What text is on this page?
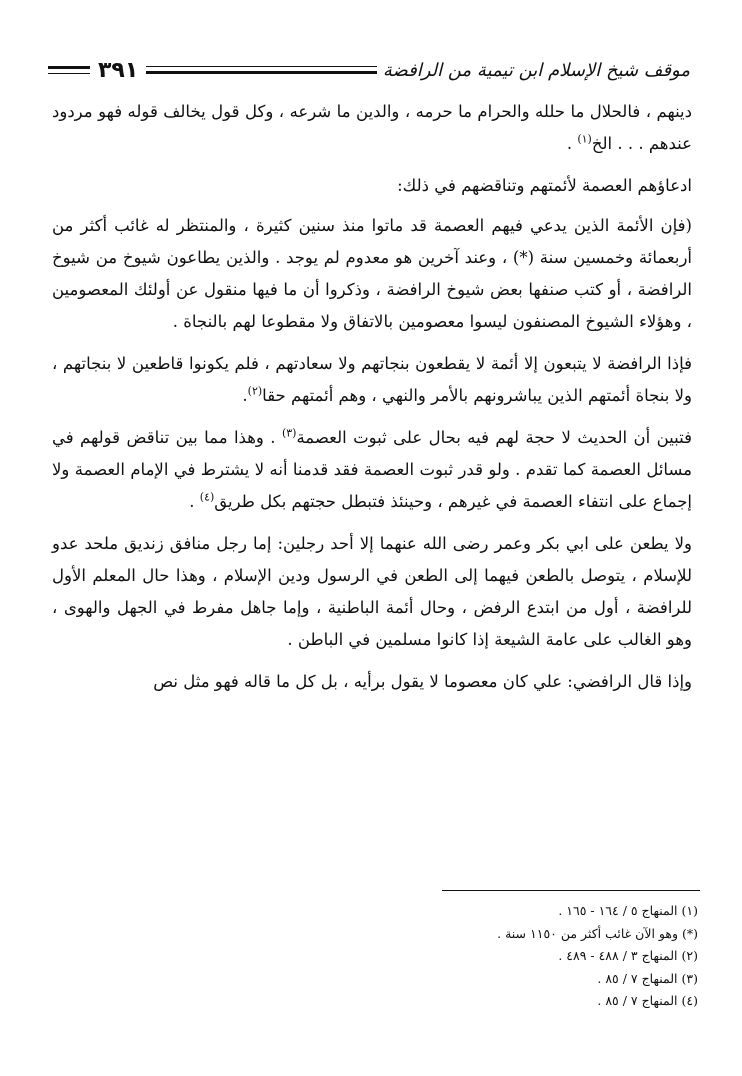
٣٩١	موقف شيخ الإسلام ابن تيمية من الرافضة

دينهم ، فالحلال ما حلله والحرام ما حرمه ، والدين ما شرعه ، وكل قول يخالف قوله فهو مردود عندهم . . . الخ$^{(١)}$ .

ادعاؤهم العصمة لأئمتهم وتناقضهم في ذلك:

(فإن الأئمة الذين يدعي فيهم العصمة قد ماتوا منذ سنين كثيرة ، والمنتظر له غائب أكثر من أربعمائة وخمسين سنة (*) ، وعند آخرين هو معدوم لم يوجد . والذين يطاعون شيوخ من شيوخ الرافضة ، أو كتب صنفها بعض شيوخ الرافضة ، وذكروا أن ما فيها منقول عن أولئك المعصومين ، وهؤلاء الشيوخ المصنفون ليسوا معصومين بالاتفاق ولا مقطوعا لهم بالنجاة .

فإذا الرافضة لا يتبعون إلا أئمة لا يقطعون بنجاتهم ولا سعادتهم ، فلم يكونوا قاطعين لا بنجاتهم ، ولا بنجاة أئمتهم الذين يباشرونهم بالأمر والنهي ، وهم أئمتهم حقا$^{(٢)}$.

فتبين أن الحديث لا حجة لهم فيه بحال على ثبوت العصمة$^{(٣)}$ . وهذا مما بين تناقض قولهم في مسائل العصمة كما تقدم . ولو قدر ثبوت العصمة فقد قدمنا أنه لا يشترط في الإمام العصمة ولا إجماع على انتفاء العصمة في غيرهم ، وحينئذ فتبطل حجتهم بكل طريق$^{(٤)}$ .

ولا يطعن على ابي بكر وعمر رضى الله عنهما إلا أحد رجلين: إما رجل منافق زنديق ملحد عدو للإسلام ، يتوصل بالطعن فيهما إلى الطعن في الرسول ودين الإسلام ، وهذا حال المعلم الأول للرافضة ، أول من ابتدع الرفض ، وحال أئمة الباطنية ، وإما جاهل مفرط في الجهل والهوى ، وهو الغالب على عامة الشيعة إذا كانوا مسلمين في الباطن .

وإذا قال الرافضي: علي كان معصوما لا يقول برأيه ، بل كل ما قاله فهو مثل نص

(١) المنهاج ٥ / ١٦٤ - ١٦٥ .
(*) وهو الآن غائب أكثر من ١١٥٠ سنة .
(٢) المنهاج ٣ / ٤٨٨ - ٤٨٩ .
(٣) المنهاج ٧ / ٨٥ .
(٤) المنهاج ٧ / ٨٥ .
